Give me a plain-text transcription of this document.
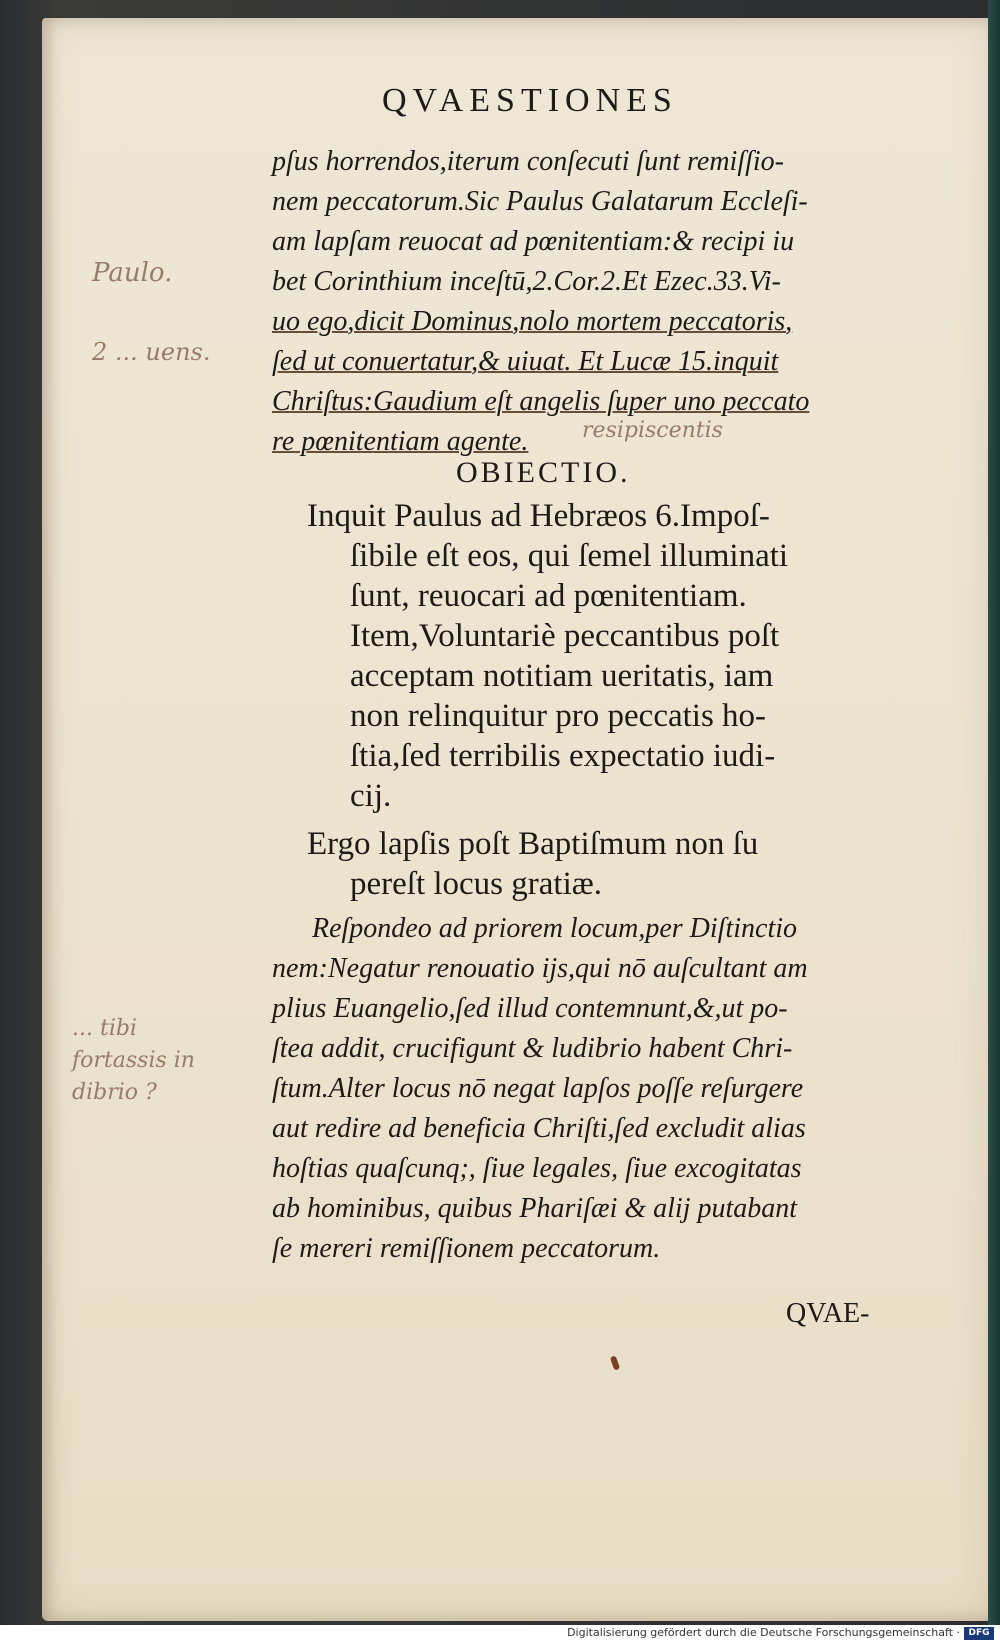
QVAESTIONES
pſus horrendos,iterum conſecuti ſunt remiſſio-
nem peccatorum.Sic Paulus Galatarum Eccleſi-
am lapſam reuocat ad pœnitentiam:& recipi iu
bet Corinthium inceſtū,2.Cor.2.Et Ezec.33.Vi-
uo ego,dicit Dominus,nolo mortem peccatoris,
ſed ut conuertatur,& uiuat. Et Lucæ 15.inquit
Chriſtus:Gaudium eſt angelis ſuper uno peccato
re pœnitentiam agente.
OBIECTIO.
Inquit Paulus ad Hebræos 6.Impoſ-
ſibile eſt eos, qui ſemel illuminati
ſunt, reuocari ad pœnitentiam.
Item,Voluntariè peccantibus poſt
acceptam notitiam ueritatis, iam
non relinquitur pro peccatis ho-
ſtia,ſed terribilis expectatio iudi-
cij.
Ergo lapſis poſt Baptiſmum non ſu
pereſt locus gratiæ.
Reſpondeo ad priorem locum,per Diſtinctio
nem:Negatur renouatio ijs,qui nō auſcultant am
plius Euangelio,ſed illud contemnunt,&,ut po-
ſtea addit, crucifigunt & ludibrio habent Chri-
ſtum.Alter locus nō negat lapſos poſſe reſurgere
aut redire ad beneficia Chriſti,ſed excludit alias
hoſtias quaſcunq;, ſiue legales, ſiue excogitatas
ab hominibus, quibus Phariſæi & alij putabant
ſe mereri remiſſionem peccatorum.
QVAE-
Paulo.
2 ... uens.
resipiscentis
... tibi
fortassis in
dibrio ?
Digitalisierung gefördert durch die Deutsche Forschungsgemeinschaft · DFG
